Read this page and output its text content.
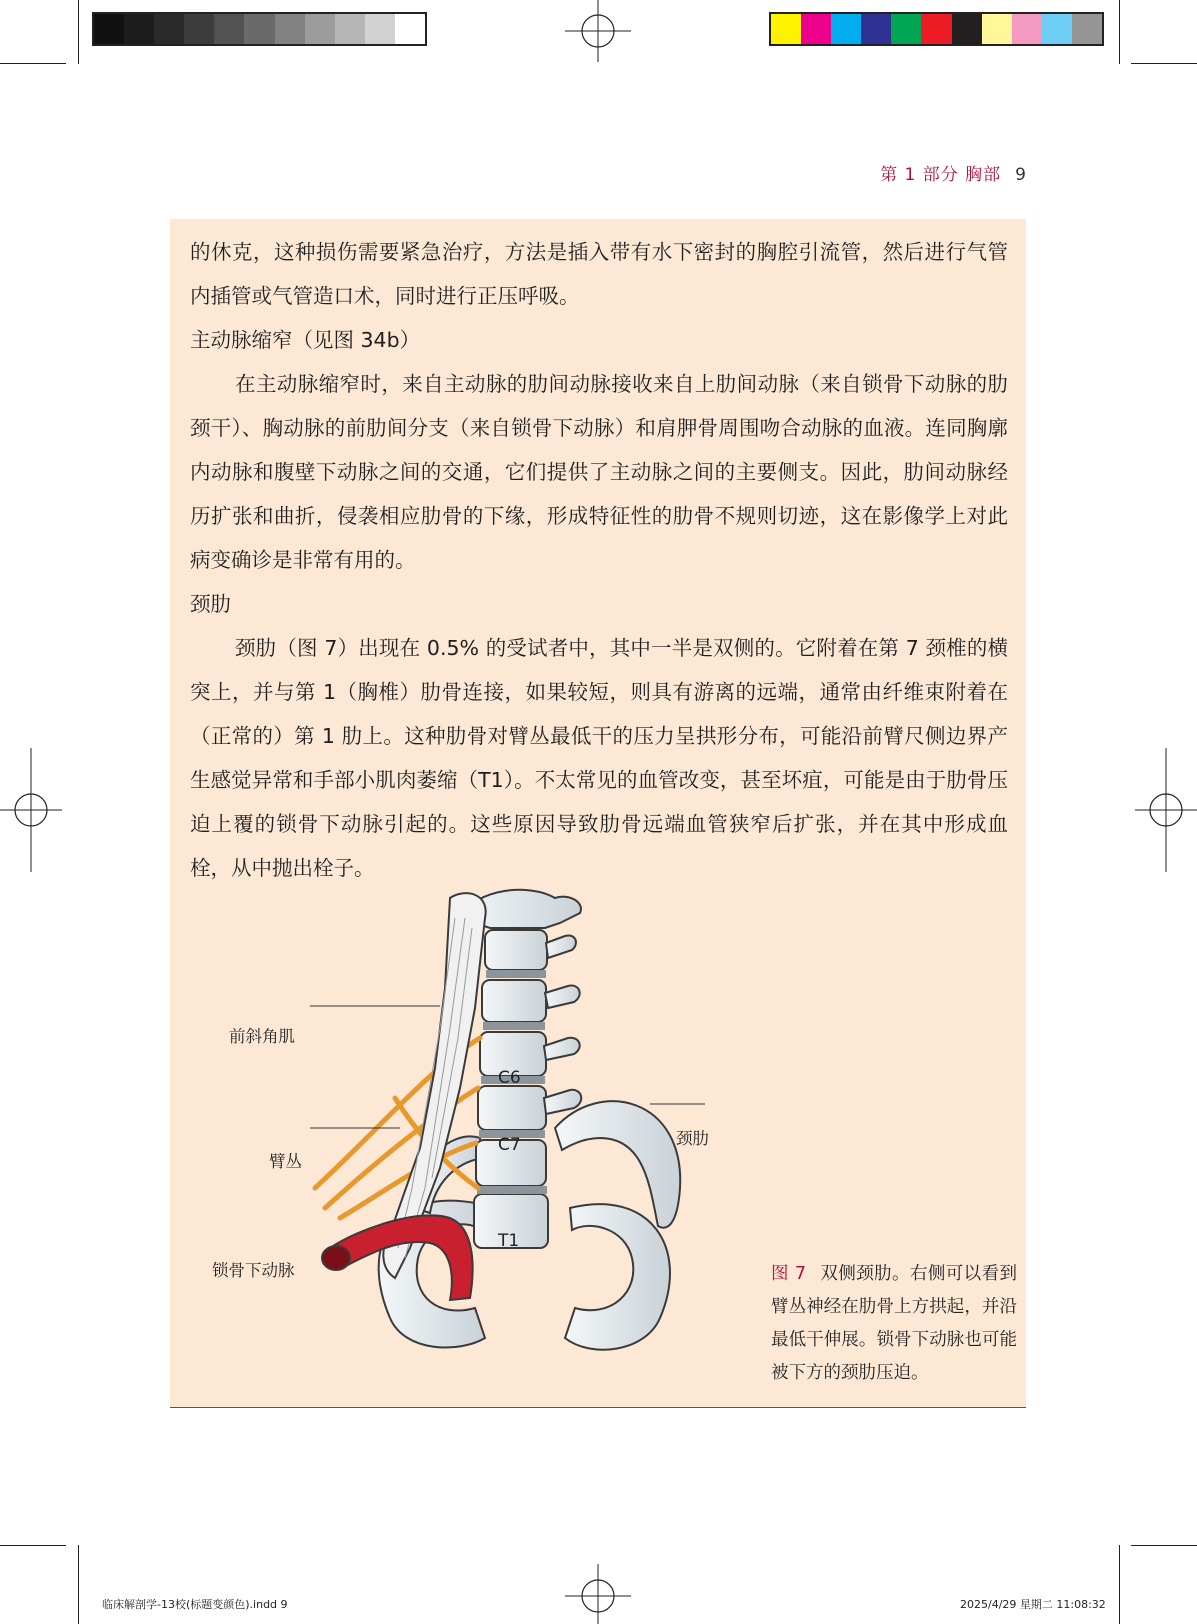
第 1 部分 胸部 9

的休克，这种损伤需要紧急治疗，方法是插入带有水下密封的胸腔引流管，然后进行气管内插管或气管造口术，同时进行正压呼吸。

主动脉缩窄（见图 34b）

在主动脉缩窄时，来自主动脉的肋间动脉接收来自上肋间动脉（来自锁骨下动脉的肋颈干）、胸动脉的前肋间分支（来自锁骨下动脉）和肩胛骨周围吻合动脉的血液。连同胸廓内动脉和腹壁下动脉之间的交通，它们提供了主动脉之间的主要侧支。因此，肋间动脉经历扩张和曲折，侵袭相应肋骨的下缘，形成特征性的肋骨不规则切迹，这在影像学上对此病变确诊是非常有用的。

颈肋

颈肋（图 7）出现在 0.5% 的受试者中，其中一半是双侧的。它附着在第 7 颈椎的横突上，并与第 1（胸椎）肋骨连接，如果较短，则具有游离的远端，通常由纤维束附着在（正常的）第 1 肋上。这种肋骨对臂丛最低干的压力呈拱形分布，可能沿前臂尺侧边界产生感觉异常和手部小肌肉萎缩（T1）。不太常见的血管改变，甚至坏疽，可能是由于肋骨压迫上覆的锁骨下动脉引起的。这些原因导致肋骨远端血管狭窄后扩张，并在其中形成血栓，从中抛出栓子。

C6
C7
T1
前斜角肌
臂丛
锁骨下动脉
颈肋
图 7 双侧颈肋。右侧可以看到臂丛神经在肋骨上方拱起，并沿最低干伸展。锁骨下动脉也可能被下方的颈肋压迫。
临床解剖学-13校(标题变颜色).indd 9	2025/4/29 星期二 11:08:32
